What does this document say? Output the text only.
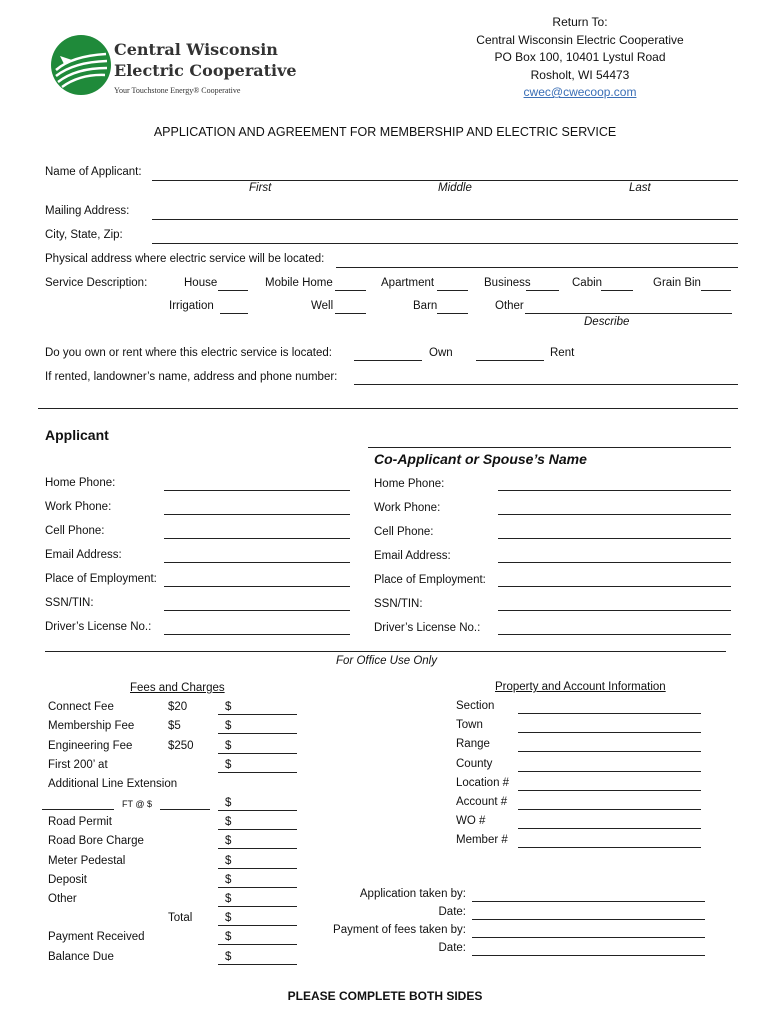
Central Wisconsin
Electric Cooperative
Your Touchstone Energy® Cooperative
Return To:
Central Wisconsin Electric Cooperative
PO Box 100, 10401 Lystul Road
Rosholt, WI 54473
cwec@cwecoop.com
APPLICATION AND AGREEMENT FOR MEMBERSHIP AND ELECTRIC SERVICE
Name of Applicant:
First	Middle	Last
Mailing Address:
City, State, Zip:
Physical address where electric service will be located:
Service Description:	House	Mobile Home	Apartment	Business	Cabin	Grain Bin
Irrigation	Well	Barn	Other
Describe
Do you own or rent where this electric service is located:	Own	Rent
If rented, landowner’s name, address and phone number:
Applicant
Co-Applicant or Spouse’s Name
Home Phone:	Home Phone:
Work Phone:	Work Phone:
Cell Phone:	Cell Phone:
Email Address:	Email Address:
Place of Employment:	Place of Employment:
SSN/TIN:	SSN/TIN:
Driver’s License No.:	Driver’s License No.:
For Office Use Only
Fees and Charges
Connect Fee	$20	$
Membership Fee	$5	$
Engineering Fee	$250	$
First 200’ at	$
Additional Line Extension
FT @ $	$
Road Permit	$
Road Bore Charge	$
Meter Pedestal	$
Deposit	$
Other	$
Total	$
Payment Received	$
Balance Due	$
Property and Account Information
Section
Town
Range
County
Location #
Account #
WO #
Member #
Application taken by:
Date:
Payment of fees taken by:
Date:
PLEASE COMPLETE BOTH SIDES
